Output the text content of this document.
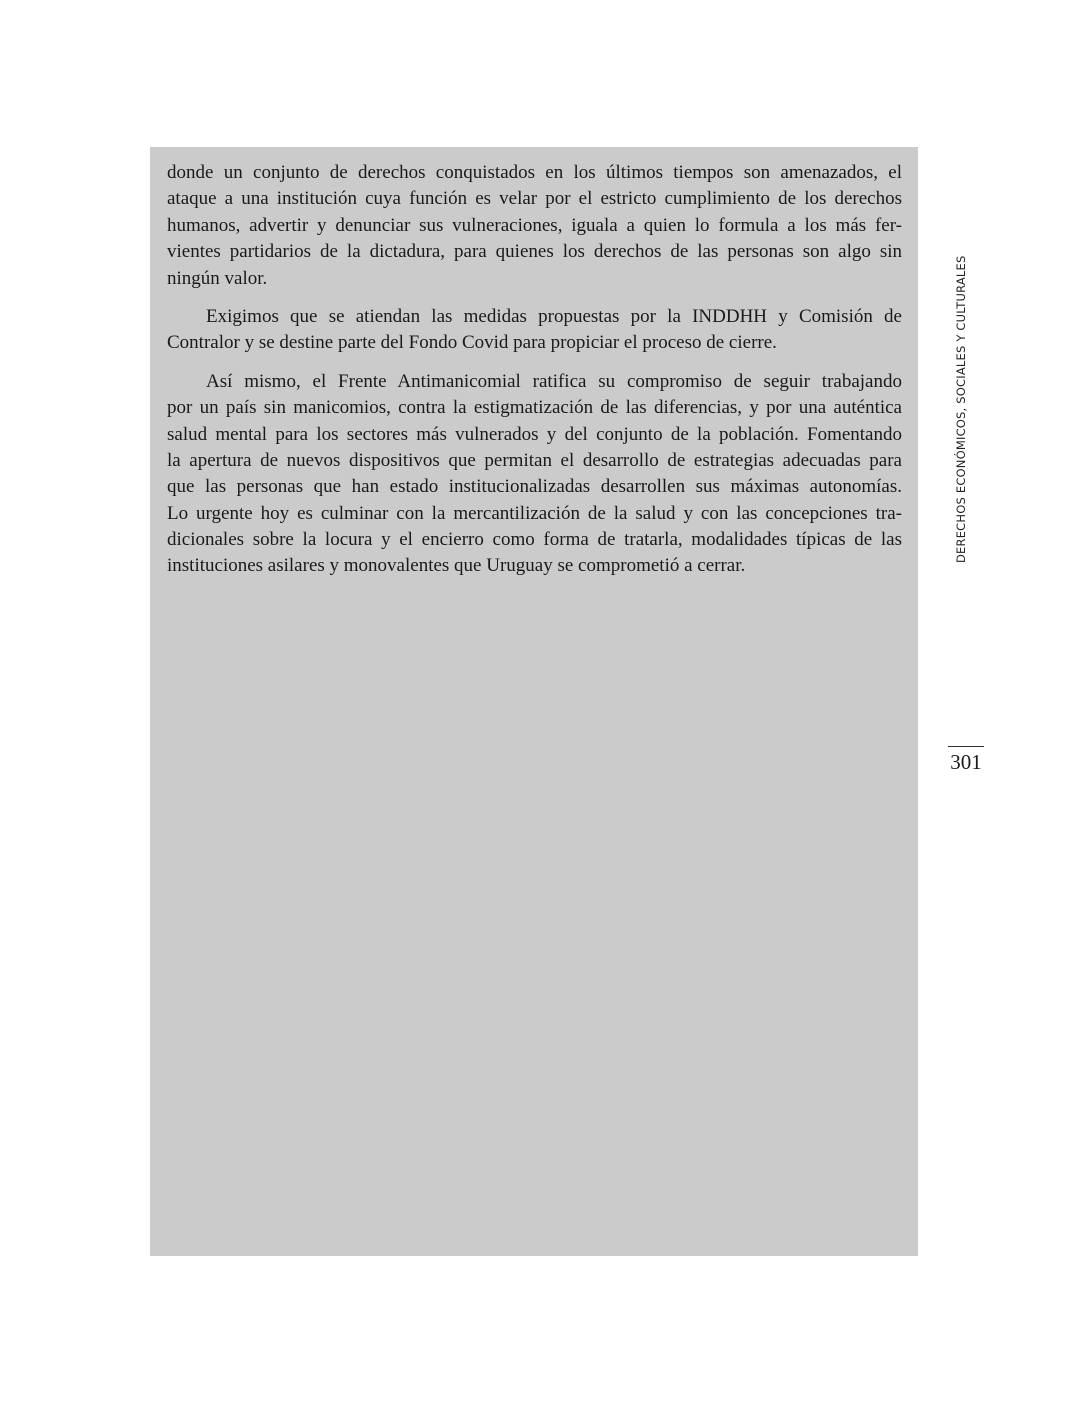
donde un conjunto de derechos conquistados en los últimos tiempos son amenazados, el
ataque a una institución cuya función es velar por el estricto cumplimiento de los derechos
humanos, advertir y denunciar sus vulneraciones, iguala a quien lo formula a los más fer-
vientes partidarios de la dictadura, para quienes los derechos de las personas son algo sin
ningún valor.
Exigimos que se atiendan las medidas propuestas por la INDDHH y Comisión de
Contralor y se destine parte del Fondo Covid para propiciar el proceso de cierre.
Así mismo, el Frente Antimanicomial ratifica su compromiso de seguir trabajando
por un país sin manicomios, contra la estigmatización de las diferencias, y por una auténtica
salud mental para los sectores más vulnerados y del conjunto de la población. Fomentando
la apertura de nuevos dispositivos que permitan el desarrollo de estrategias adecuadas para
que las personas que han estado institucionalizadas desarrollen sus máximas autonomías.
Lo urgente hoy es culminar con la mercantilización de la salud y con las concepciones tra-
dicionales sobre la locura y el encierro como forma de tratarla, modalidades típicas de las
instituciones asilares y monovalentes que Uruguay se comprometió a cerrar.
DERECHOS ECONÓMICOS, SOCIALES Y CULTURALES
301
